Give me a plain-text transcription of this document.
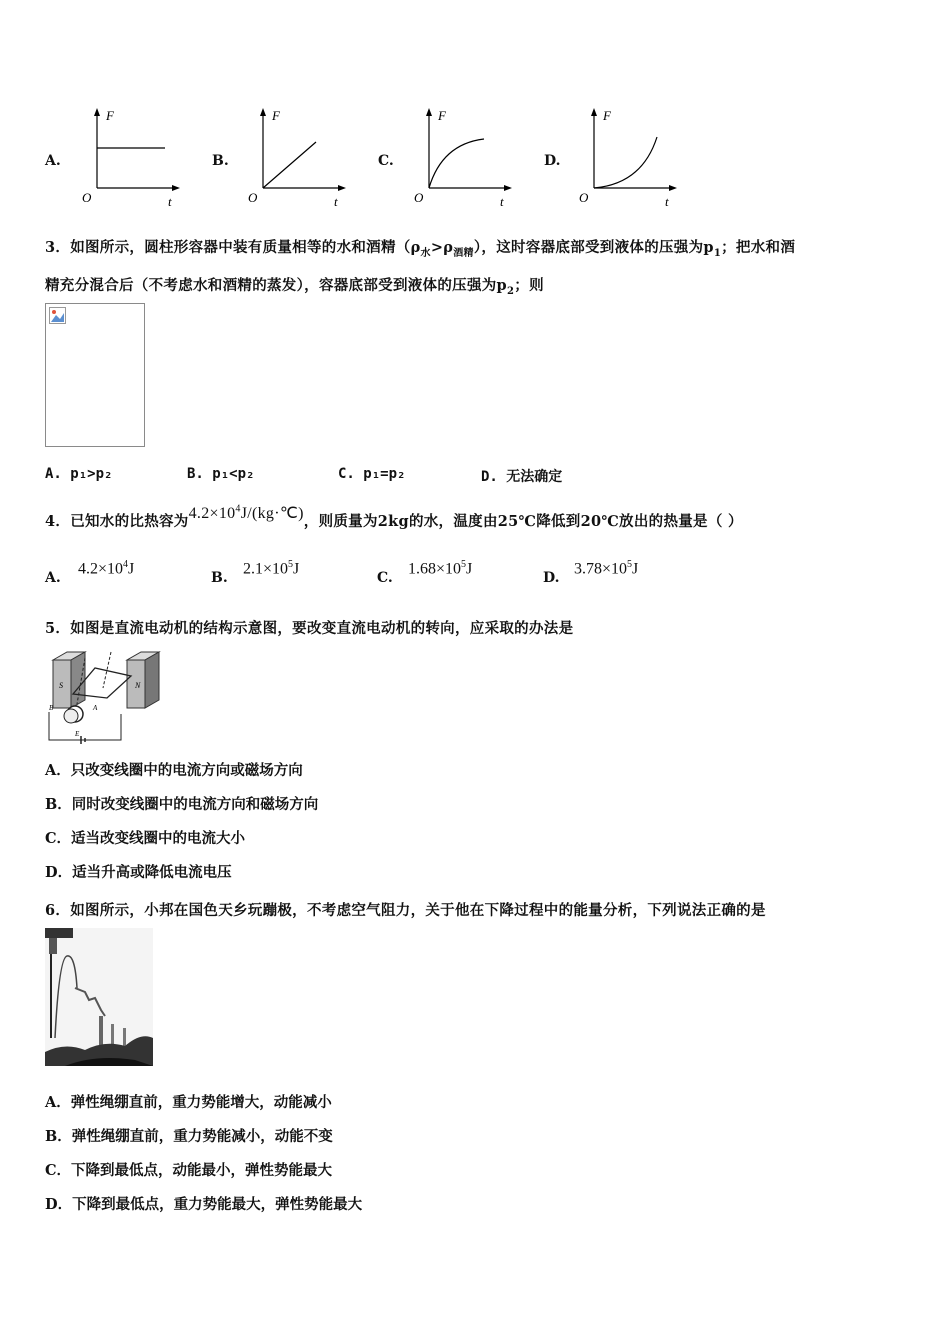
A.
F
O	t
B.
F
O	t
C.
F
O	t
D.
F
O	t
3．如图所示，圆柱形容器中装有质量相等的水和酒精$(\rho_水>\rho_{酒精})$，这时容器底部受到液体的压强为$p_1$；把水和酒
精充分混合后（不考虑水和酒精的蒸发），容器底部受到液体的压强为$p_2$；则
A. p₁>p₂	B. p₁<p₂	C. p₁=p₂	D. 无法确定
4．已知水的比热容为$4.2\times 10^4J/(kg\cdot℃)$，则质量为2kg的水，温度由25℃降低到20℃放出的热量是（ ）
A.
$4.2\times 10^4J$
B.
$2.1\times 10^5J$
C.
$1.68\times 10^5J$
D.
$3.78\times 10^5J$
5．如图是直流电动机的结构示意图，要改变直流电动机的转向，应采取的办法是
S	N
B
E
A
A．只改变线圈中的电流方向或磁场方向
B．同时改变线圈中的电流方向和磁场方向
C．适当改变线圈中的电流大小
D．适当升高或降低电流电压
6．如图所示，小邦在国色天乡玩蹦极，不考虑空气阻力，关于他在下降过程中的能量分析，下列说法正确的是
A．弹性绳绷直前，重力势能增大，动能减小
B．弹性绳绷直前，重力势能减小，动能不变
C．下降到最低点，动能最小，弹性势能最大
D．下降到最低点，重力势能最大，弹性势能最大
